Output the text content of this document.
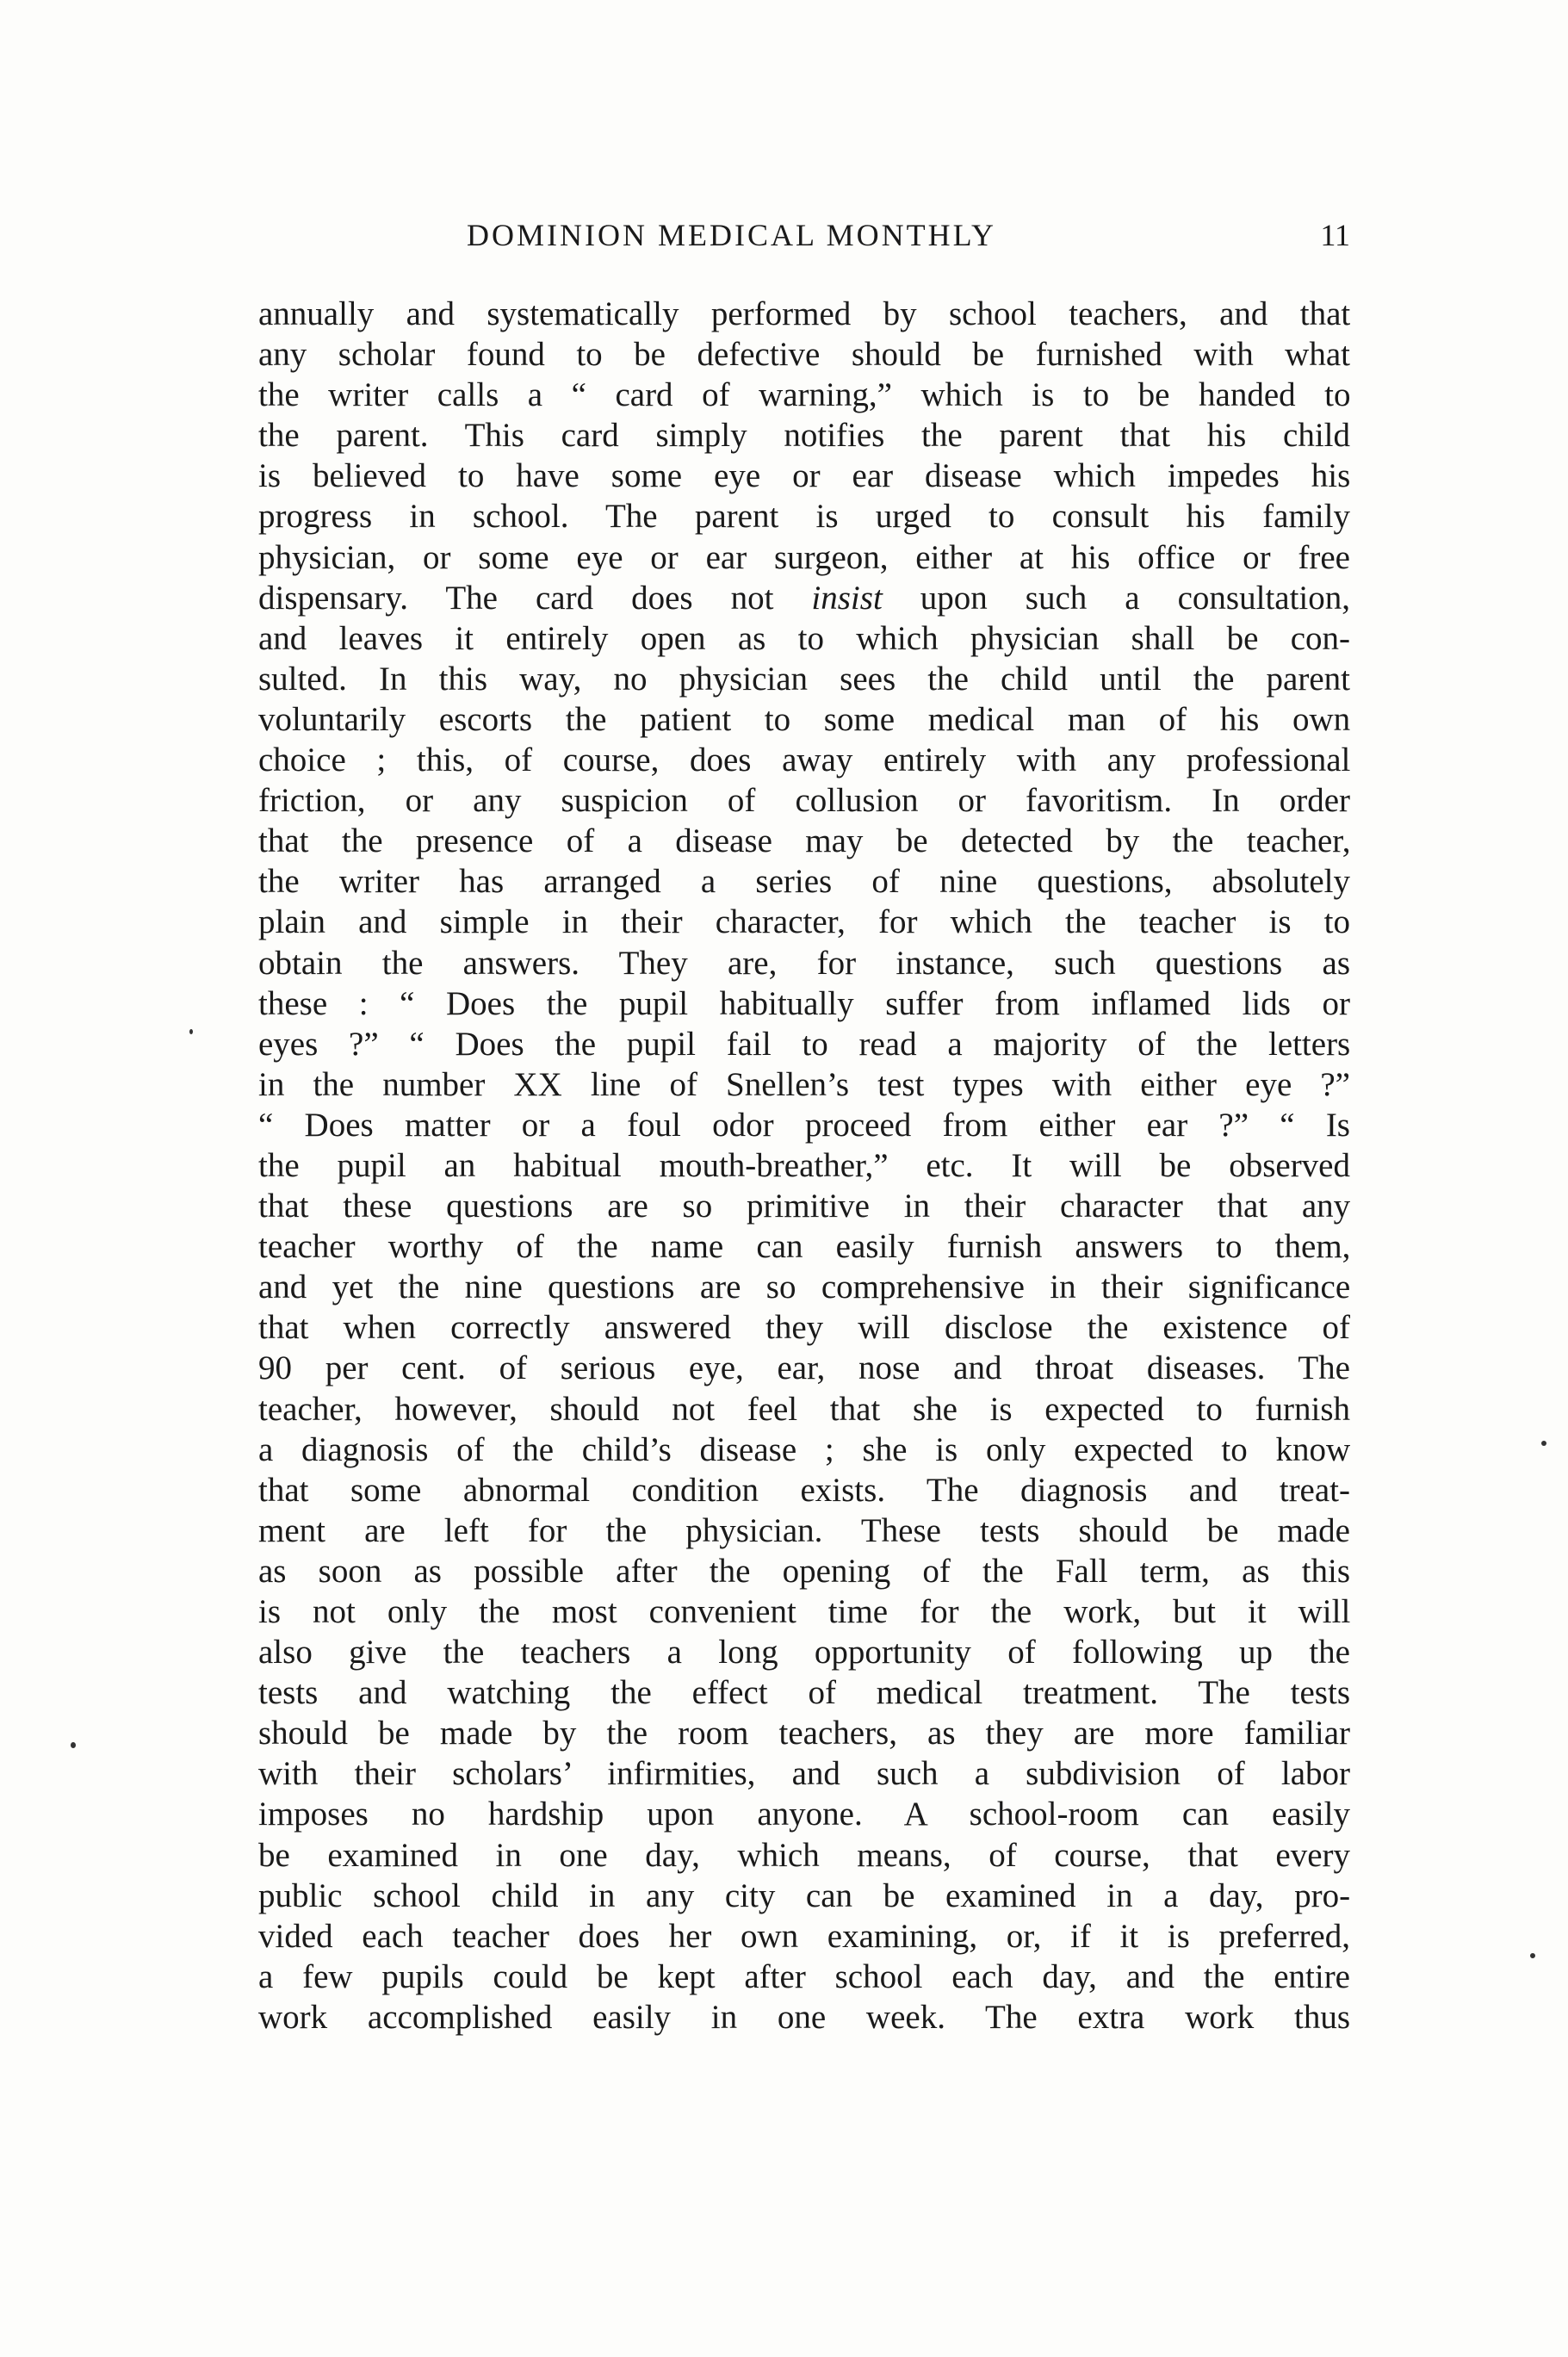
DOMINION MEDICAL MONTHLY	11
annually and systematically performed by school teachers, and that
any scholar found to be defective should be furnished with what
the writer calls a “ card of warning,” which is to be handed to
the parent. This card simply notifies the parent that his child
is believed to have some eye or ear disease which impedes his
progress in school. The parent is urged to consult his family
physician, or some eye or ear surgeon, either at his office or free
dispensary. The card does not insist upon such a consultation,
and leaves it entirely open as to which physician shall be con-
sulted. In this way, no physician sees the child until the parent
voluntarily escorts the patient to some medical man of his own
choice ; this, of course, does away entirely with any professional
friction, or any suspicion of collusion or favoritism. In order
that the presence of a disease may be detected by the teacher,
the writer has arranged a series of nine questions, absolutely
plain and simple in their character, for which the teacher is to
obtain the answers. They are, for instance, such questions as
these : “ Does the pupil habitually suffer from inflamed lids or
eyes ?” “ Does the pupil fail to read a majority of the letters
in the number XX line of Snellen’s test types with either eye ?”
“ Does matter or a foul odor proceed from either ear ?” “ Is
the pupil an habitual mouth-breather,” etc. It will be observed
that these questions are so primitive in their character that any
teacher worthy of the name can easily furnish answers to them,
and yet the nine questions are so comprehensive in their significance
that when correctly answered they will disclose the existence of
90 per cent. of serious eye, ear, nose and throat diseases. The
teacher, however, should not feel that she is expected to furnish
a diagnosis of the child’s disease ; she is only expected to know
that some abnormal condition exists. The diagnosis and treat-
ment are left for the physician. These tests should be made
as soon as possible after the opening of the Fall term, as this
is not only the most convenient time for the work, but it will
also give the teachers a long opportunity of following up the
tests and watching the effect of medical treatment. The tests
should be made by the room teachers, as they are more familiar
with their scholars’ infirmities, and such a subdivision of labor
imposes no hardship upon anyone. A school-room can easily
be examined in one day, which means, of course, that every
public school child in any city can be examined in a day, pro-
vided each teacher does her own examining, or, if it is preferred,
a few pupils could be kept after school each day, and the entire
work accomplished easily in one week. The extra work thus
